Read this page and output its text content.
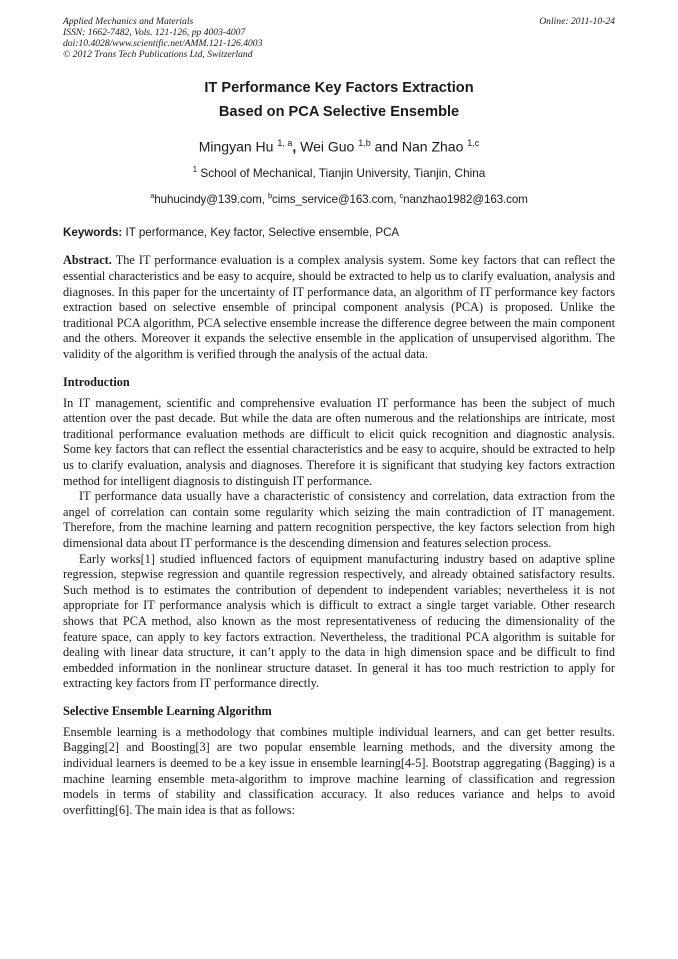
Applied Mechanics and Materials
ISSN: 1662-7482, Vols. 121-126, pp 4003-4007
doi:10.4028/www.scientific.net/AMM.121-126.4003
© 2012 Trans Tech Publications Ltd, Switzerland
Online: 2011-10-24
IT Performance Key Factors Extraction
Based on PCA Selective Ensemble
Mingyan Hu $^{1, a}$, Wei Guo $^{1,b}$ and Nan Zhao $^{1,c}$
$^1$ School of Mechanical, Tianjin University, Tianjin, China
$^a$huhucindy@139.com, $^b$cims_service@163.com, $^c$nanzhao1982@163.com
Keywords: IT performance, Key factor, Selective ensemble, PCA

Abstract. The IT performance evaluation is a complex analysis system. Some key factors that can reflect the essential characteristics and be easy to acquire, should be extracted to help us to clarify evaluation, analysis and diagnoses. In this paper for the uncertainty of IT performance data, an algorithm of IT performance key factors extraction based on selective ensemble of principal component analysis (PCA) is proposed. Unlike the traditional PCA algorithm, PCA selective ensemble increase the difference degree between the main component and the others. Moreover it expands the selective ensemble in the application of unsupervised algorithm. The validity of the algorithm is verified through the analysis of the actual data.

Introduction

In IT management, scientific and comprehensive evaluation IT performance has been the subject of much attention over the past decade. But while the data are often numerous and the relationships are intricate, most traditional performance evaluation methods are difficult to elicit quick recognition and diagnostic analysis. Some key factors that can reflect the essential characteristics and be easy to acquire, should be extracted to help us to clarify evaluation, analysis and diagnoses. Therefore it is significant that studying key factors extraction method for intelligent diagnosis to distinguish IT performance.

IT performance data usually have a characteristic of consistency and correlation, data extraction from the angel of correlation can contain some regularity which seizing the main contradiction of IT management. Therefore, from the machine learning and pattern recognition perspective, the key factors selection from high dimensional data about IT performance is the descending dimension and features selection process.

Early works[1] studied influenced factors of equipment manufacturing industry based on adaptive spline regression, stepwise regression and quantile regression respectively, and already obtained satisfactory results. Such method is to estimates the contribution of dependent to independent variables; nevertheless it is not appropriate for IT performance analysis which is difficult to extract a single target variable. Other research shows that PCA method, also known as the most representativeness of reducing the dimensionality of the feature space, can apply to key factors extraction. Nevertheless, the traditional PCA algorithm is suitable for dealing with linear data structure, it can’t apply to the data in high dimension space and be difficult to find embedded information in the nonlinear structure dataset. In general it has too much restriction to apply for extracting key factors from IT performance directly.

Selective Ensemble Learning Algorithm

Ensemble learning is a methodology that combines multiple individual learners, and can get better results. Bagging[2] and Boosting[3] are two popular ensemble learning methods, and the diversity among the individual learners is deemed to be a key issue in ensemble learning[4-5]. Bootstrap aggregating (Bagging) is a machine learning ensemble meta-algorithm to improve machine learning of classification and regression models in terms of stability and classification accuracy. It also reduces variance and helps to avoid overfitting[6]. The main idea is that as follows:
